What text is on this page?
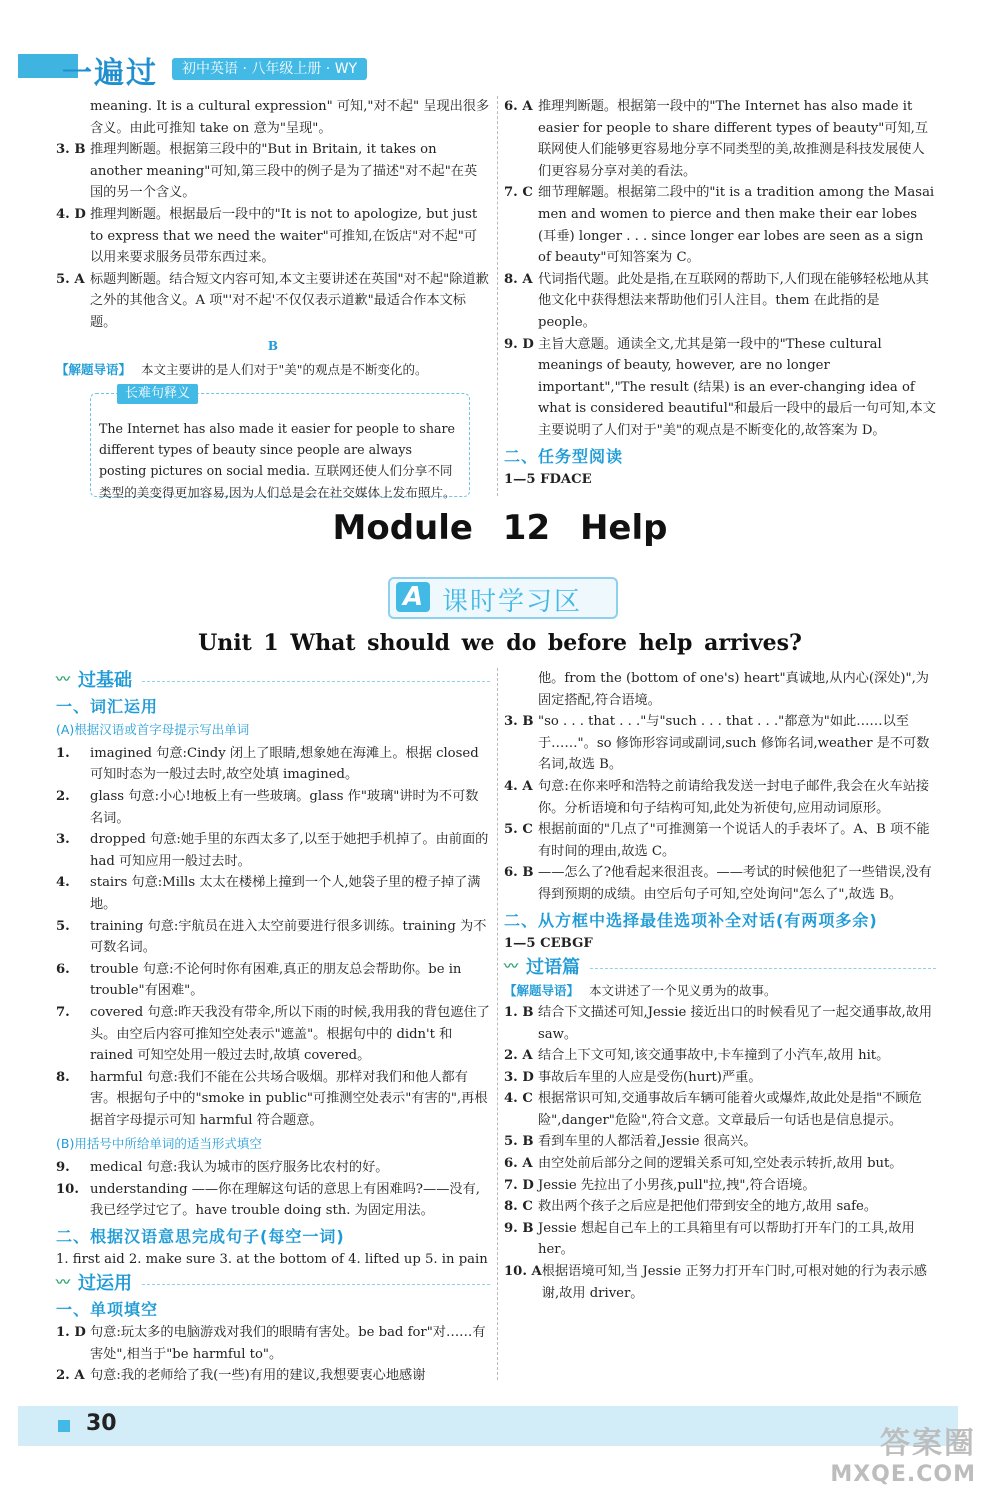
一遍过	初中英语 · 八年级上册 · WY

meaning. It is a cultural expression" 可知,"对不起" 呈现出很多含义。由此可推知 take on 意为"呈现"。

3. B 推理判断题。根据第三段中的"But in Britain, it takes on another meaning"可知,第三段中的例子是为了描述"对不起"在英国的另一个含义。
4. D 推理判断题。根据最后一段中的"It is not to apologize, but just to express that we need the waiter"可推知,在饭店"对不起"可以用来要求服务员带东西过来。
5. A 标题判断题。结合短文内容可知,本文主要讲述在英国"对不起"除道歉之外的其他含义。A 项"'对不起'不仅仅表示道歉"最适合作本文标题。
B

【解题导语】 本文主要讲的是人们对于"美"的观点是不断变化的。

长难句释义

The Internet has also made it easier for people to share different types of beauty since people are always posting pictures on social media. 互联网还使人们分享不同类型的美变得更加容易,因为人们总是会在社交媒体上发布照片。

6. A 推理判断题。根据第一段中的"The Internet has also made it easier for people to share different types of beauty"可知,互联网使人们能够更容易地分享不同类型的美,故推测是科技发展使人们更容易分享对美的看法。
7. C 细节理解题。根据第二段中的"it is a tradition among the Masai men and women to pierce and then make their ear lobes (耳垂) longer . . . since longer ear lobes are seen as a sign of beauty"可知答案为 C。
8. A 代词指代题。此处是指,在互联网的帮助下,人们现在能够轻松地从其他文化中获得想法来帮助他们引人注目。them 在此指的是 people。
9. D 主旨大意题。通读全文,尤其是第一段中的"These cultural meanings of beauty, however, are no longer important","The result (结果) is an ever-changing idea of what is considered beautiful"和最后一段中的最后一句可知,本文主要说明了人们对于"美"的观点是不断变化的,故答案为 D。
二、任务型阅读

1—5 FDACE

Module 12 Help
A 课时学习区
Unit 1 What should we do before help arrives?
〰 过基础
一、词汇运用
(A)根据汉语或首字母提示写出单词
1.	imagined 句意:Cindy 闭上了眼睛,想象她在海滩上。根据 closed 可知时态为一般过去时,故空处填 imagined。
2.	glass 句意:小心!地板上有一些玻璃。glass 作"玻璃"讲时为不可数名词。
3.	dropped 句意:她手里的东西太多了,以至于她把手机掉了。由前面的 had 可知应用一般过去时。
4.	stairs 句意:Mills 太太在楼梯上撞到一个人,她袋子里的橙子掉了满地。
5.	training 句意:宇航员在进入太空前要进行很多训练。training 为不可数名词。
6.	trouble 句意:不论何时你有困难,真正的朋友总会帮助你。be in trouble"有困难"。
7.	covered 句意:昨天我没有带伞,所以下雨的时候,我用我的背包遮住了头。由空后内容可推知空处表示"遮盖"。根据句中的 didn't 和 rained 可知空处用一般过去时,故填 covered。
8.	harmful 句意:我们不能在公共场合吸烟。那样对我们和他人都有害。根据句子中的"smoke in public"可推测空处表示"有害的",再根据首字母提示可知 harmful 符合题意。
(B)用括号中所给单词的适当形式填空
9.	medical 句意:我认为城市的医疗服务比农村的好。
10. understanding ——你在理解这句话的意思上有困难吗?——没有,我已经学过它了。have trouble doing sth. 为固定用法。
二、根据汉语意思完成句子(每空一词)

1. first aid 2. make sure 3. at the bottom of 4. lifted up 5. in pain

〰 过运用
一、单项填空
1. D 句意:玩太多的电脑游戏对我们的眼睛有害处。be bad for"对……有害处",相当于"be harmful to"。
2. A 句意:我的老师给了我(一些)有用的建议,我想要衷心地感谢

他。from the (bottom of one's) heart"真诚地,从内心(深处)",为固定搭配,符合语境。

3. B "so . . . that . . ."与"such . . . that . . ."都意为"如此……以至于……"。so 修饰形容词或副词,such 修饰名词,weather 是不可数名词,故选 B。
4. A 句意:在你来呼和浩特之前请给我发送一封电子邮件,我会在火车站接你。分析语境和句子结构可知,此处为祈使句,应用动词原形。
5. C 根据前面的"几点了"可推测第一个说话人的手表坏了。A、B 项不能有时间的理由,故选 C。
6. B ——怎么了?他看起来很沮丧。——考试的时候他犯了一些错误,没有得到预期的成绩。由空后句子可知,空处询问"怎么了",故选 B。
二、从方框中选择最佳选项补全对话(有两项多余)

1—5 CEBGF

〰 过语篇

【解题导语】 本文讲述了一个见义勇为的故事。

1. B 结合下文描述可知,Jessie 接近出口的时候看见了一起交通事故,故用 saw。
2. A 结合上下文可知,该交通事故中,卡车撞到了小汽车,故用 hit。
3. D 事故后车里的人应是受伤(hurt)严重。
4. C 根据常识可知,交通事故后车辆可能着火或爆炸,故此处是指"不顾危险",danger"危险",符合文意。文章最后一句话也是信息提示。
5. B 看到车里的人都活着,Jessie 很高兴。
6. A 由空处前后部分之间的逻辑关系可知,空处表示转折,故用 but。
7. D Jessie 先拉出了小男孩,pull"拉,拽",符合语境。
8. C 救出两个孩子之后应是把他们带到安全的地方,故用 safe。
9. B Jessie 想起自己车上的工具箱里有可以帮助打开车门的工具,故用 her。
10. A 根据语境可知,当 Jessie 正努力打开车门时,可根对她的行为表示感谢,故用 driver。
30
答案圈
MXQE.COM
